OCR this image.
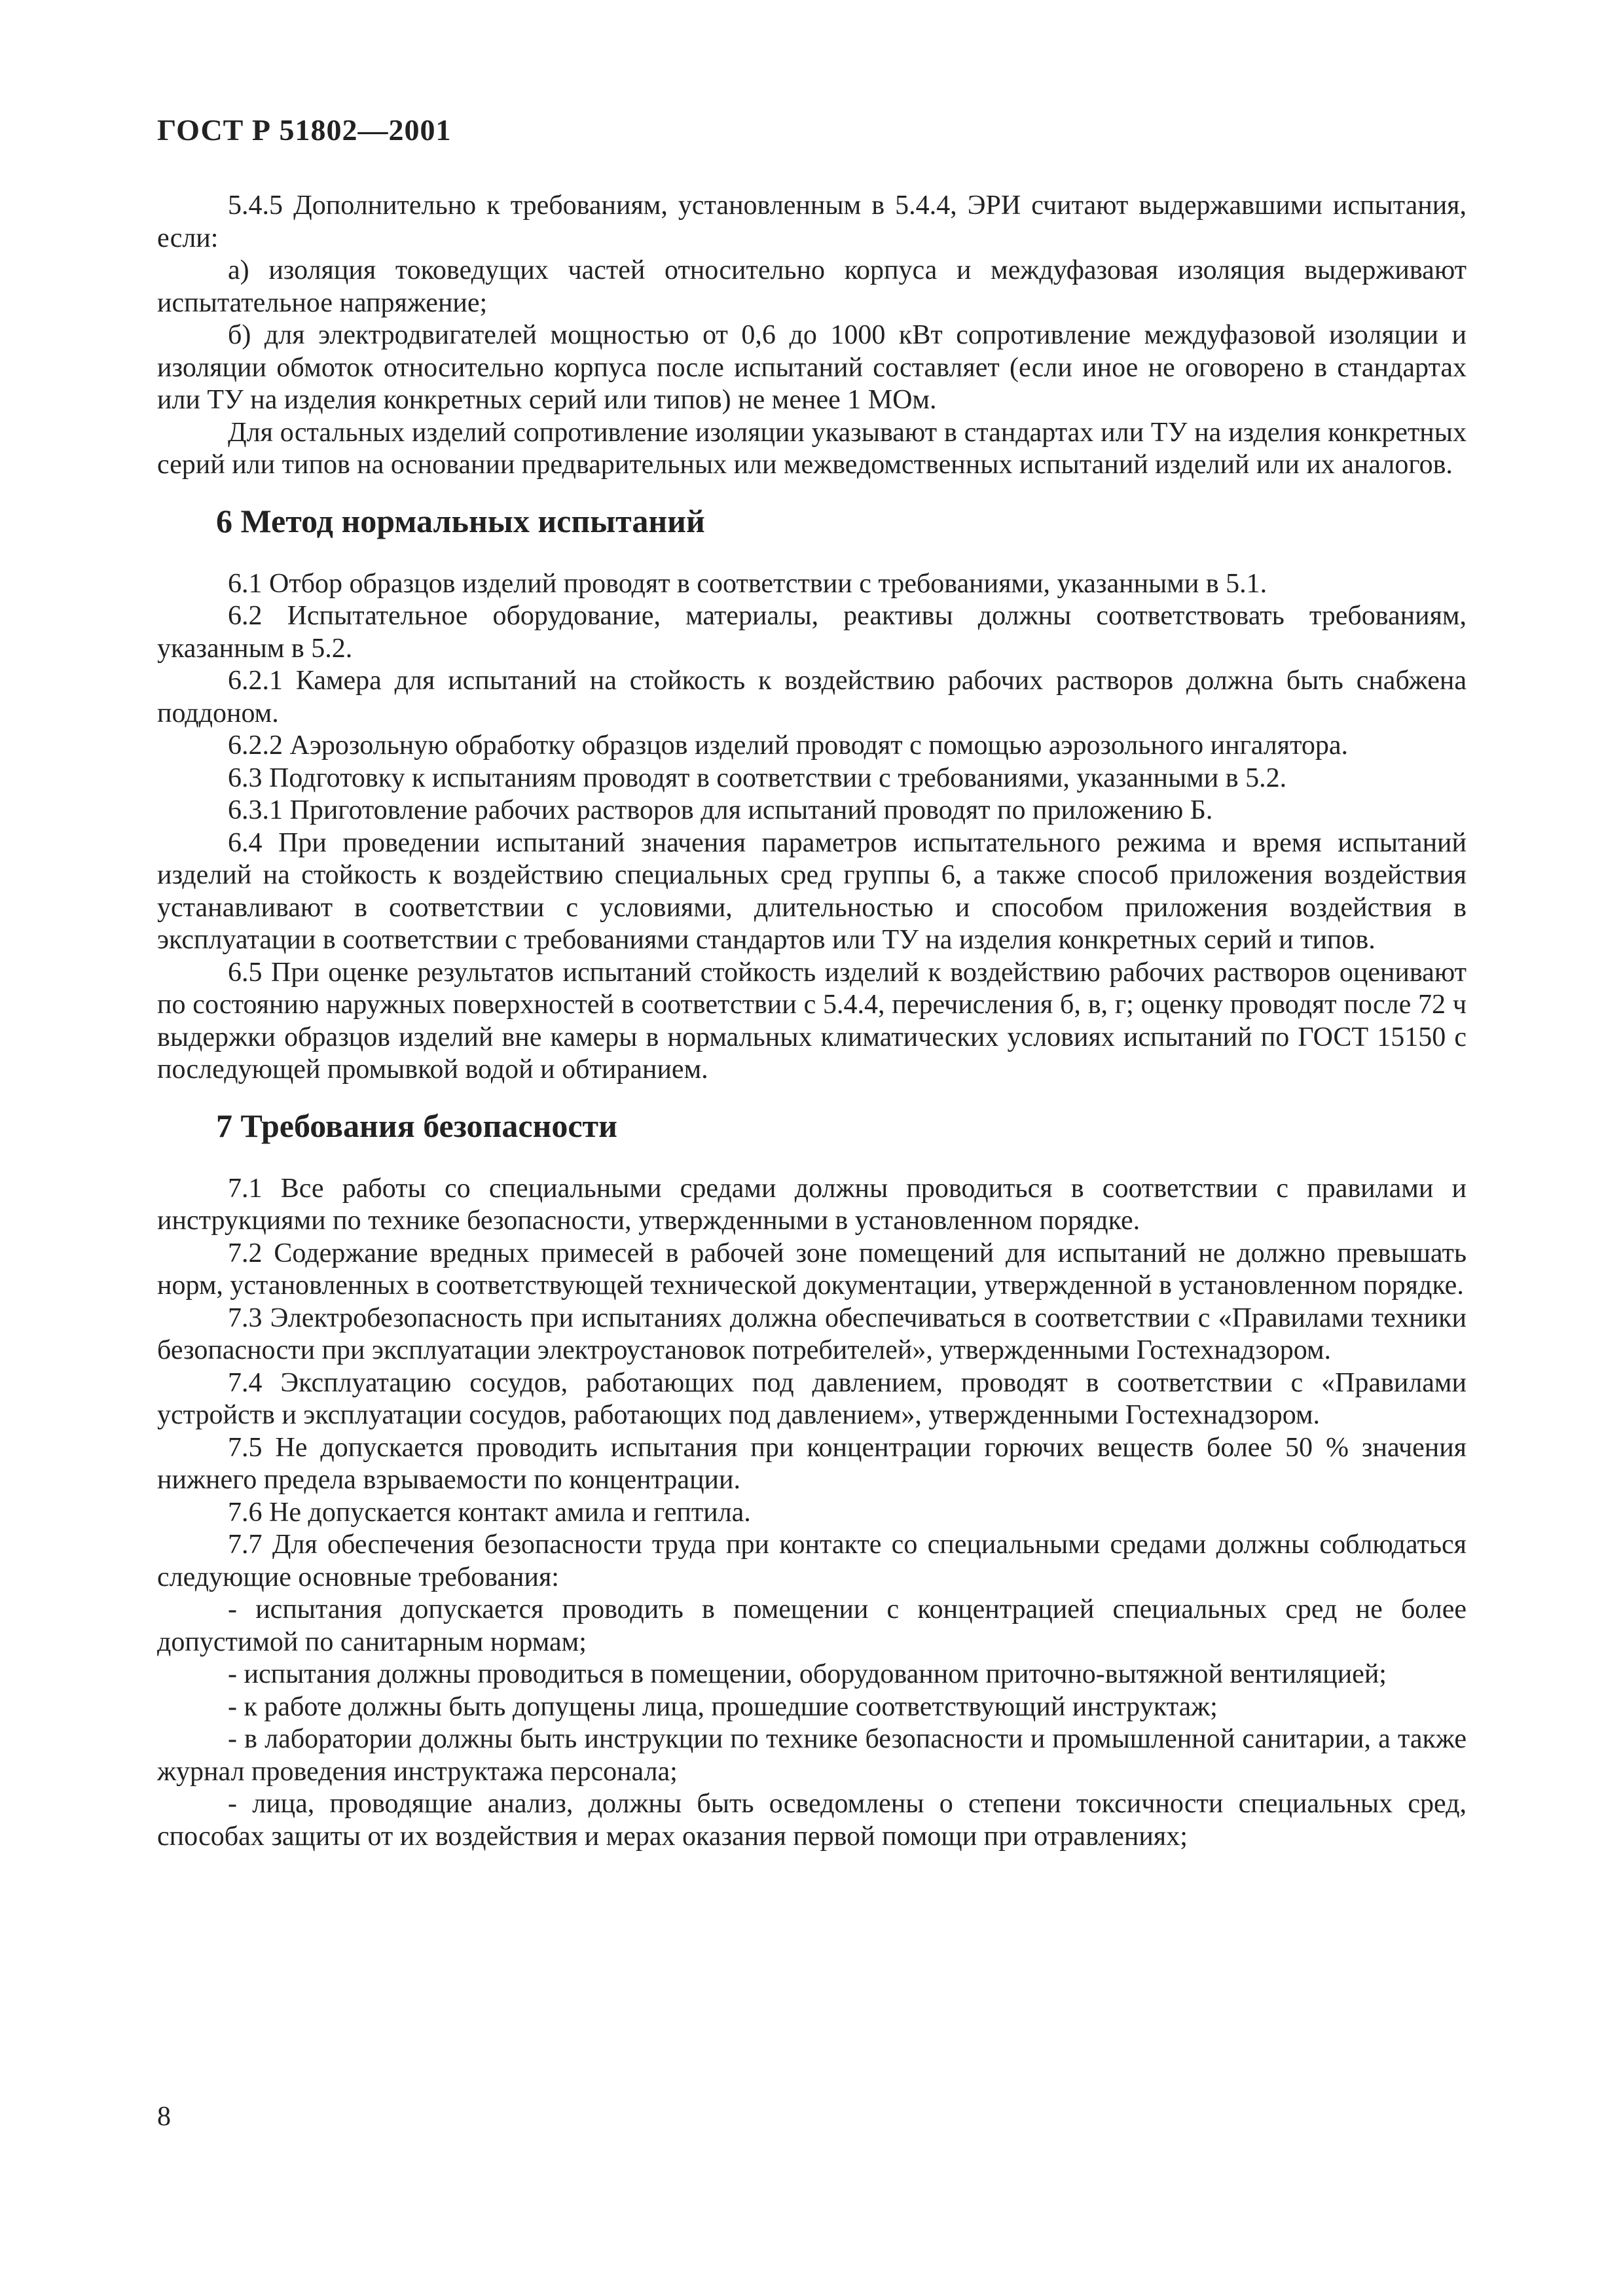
ГОСТ Р 51802—2001

5.4.5 Дополнительно к требованиям, установленным в 5.4.4, ЭРИ считают выдержавшими испытания, если:

а) изоляция токоведущих частей относительно корпуса и междуфазовая изоляция выдерживают испытательное напряжение;

б) для электродвигателей мощностью от 0,6 до 1000 кВт сопротивление междуфазовой изоляции и изоляции обмоток относительно корпуса после испытаний составляет (если иное не оговорено в стандартах или ТУ на изделия конкретных серий или типов) не менее 1 МОм.

Для остальных изделий сопротивление изоляции указывают в стандартах или ТУ на изделия конкретных серий или типов на основании предварительных или межведомственных испытаний изделий или их аналогов.

6 Метод нормальных испытаний

6.1 Отбор образцов изделий проводят в соответствии с требованиями, указанными в 5.1.

6.2 Испытательное оборудование, материалы, реактивы должны соответствовать требованиям, указанным в 5.2.

6.2.1 Камера для испытаний на стойкость к воздействию рабочих растворов должна быть снабжена поддоном.

6.2.2 Аэрозольную обработку образцов изделий проводят с помощью аэрозольного ингалятора.

6.3 Подготовку к испытаниям проводят в соответствии с требованиями, указанными в 5.2.

6.3.1 Приготовление рабочих растворов для испытаний проводят по приложению Б.

6.4 При проведении испытаний значения параметров испытательного режима и время испытаний изделий на стойкость к воздействию специальных сред группы 6, а также способ приложения воздействия устанавливают в соответствии с условиями, длительностью и способом приложения воздействия в эксплуатации в соответствии с требованиями стандартов или ТУ на изделия конкретных серий и типов.

6.5 При оценке результатов испытаний стойкость изделий к воздействию рабочих растворов оценивают по состоянию наружных поверхностей в соответствии с 5.4.4, перечисления б, в, г; оценку проводят после 72 ч выдержки образцов изделий вне камеры в нормальных климатических условиях испытаний по ГОСТ 15150 с последующей промывкой водой и обтиранием.

7 Требования безопасности

7.1 Все работы со специальными средами должны проводиться в соответствии с правилами и инструкциями по технике безопасности, утвержденными в установленном порядке.

7.2 Содержание вредных примесей в рабочей зоне помещений для испытаний не должно превышать норм, установленных в соответствующей технической документации, утвержденной в установленном порядке.

7.3 Электробезопасность при испытаниях должна обеспечиваться в соответствии с «Правилами техники безопасности при эксплуатации электроустановок потребителей», утвержденными Гостехнадзором.

7.4 Эксплуатацию сосудов, работающих под давлением, проводят в соответствии с «Правилами устройств и эксплуатации сосудов, работающих под давлением», утвержденными Гостехнадзором.

7.5 Не допускается проводить испытания при концентрации горючих веществ более 50 % значения нижнего предела взрываемости по концентрации.

7.6 Не допускается контакт амила и гептила.

7.7 Для обеспечения безопасности труда при контакте со специальными средами должны соблюдаться следующие основные требования:

- испытания допускается проводить в помещении с концентрацией специальных сред не более допустимой по санитарным нормам;

- испытания должны проводиться в помещении, оборудованном приточно-вытяжной вентиляцией;

- к работе должны быть допущены лица, прошедшие соответствующий инструктаж;

- в лаборатории должны быть инструкции по технике безопасности и промышленной санитарии, а также журнал проведения инструктажа персонала;

- лица, проводящие анализ, должны быть осведомлены о степени токсичности специальных сред, способах защиты от их воздействия и мерах оказания первой помощи при отравлениях;

8
